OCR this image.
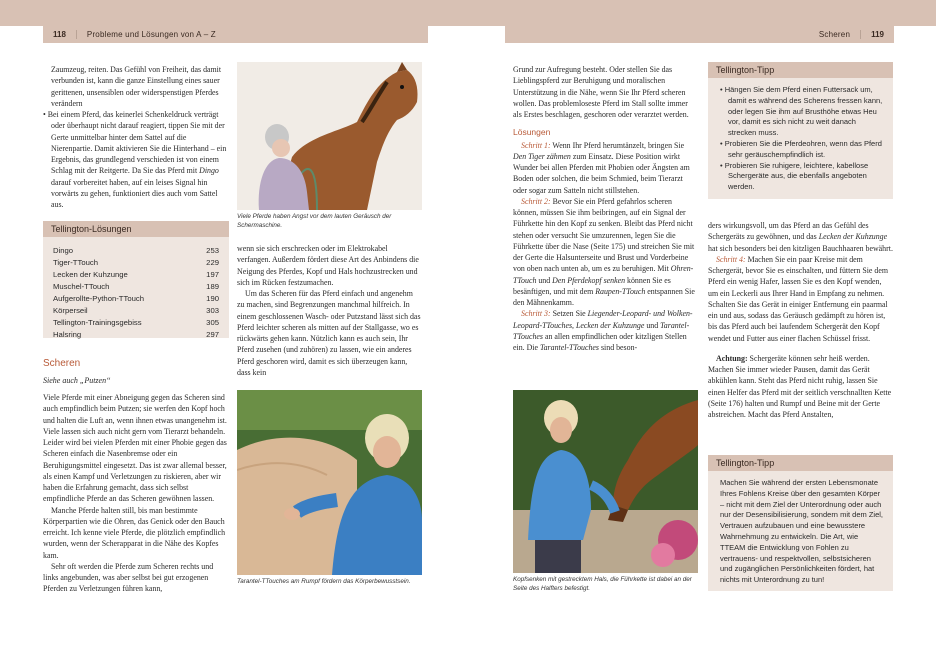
118	Probleme und Lösungen von A – Z	Scheren	119

Zaumzeug, reiten. Das Gefühl von Freiheit, das damit verbunden ist, kann die ganze Einstellung eines sauer gerittenen, unsensiblen oder widerspenstigen Pferdes verändern

• Bei einem Pferd, das keinerlei Schenkeldruck verträgt oder überhaupt nicht darauf reagiert, tippen Sie mit der Gerte unmittelbar hinter dem Sattel auf die Nierenpartie. Damit aktivieren Sie die Hinterhand – ein Ergebnis, das grundlegend verschieden ist von einem Schlag mit der Reitgerte. Da Sie das Pferd mit Dingo darauf vorbereitet haben, auf ein leises Signal hin vorwärts zu gehen, funktioniert dies auch vom Sattel aus.

Tellington-Lösungen
Dingo	253
Tiger-TTouch	229
Lecken der Kuhzunge	197
Muschel-TTouch	189
Aufgerollte-Python-TTouch	190
Körperseil	303
Tellington-Trainingsgebiss	305
Halsring	297
Scheren
Siehe auch „Putzen“

Viele Pferde mit einer Abneigung gegen das Scheren sind auch empfindlich beim Putzen; sie werfen den Kopf hoch und halten die Luft an, wenn ihnen etwas unangenehm ist. Viele lassen sich auch nicht gern vom Tierarzt behandeln. Leider wird bei vielen Pferden mit einer Phobie gegen das Scheren einfach die Nasenbremse oder ein Beruhigungsmittel eingesetzt. Das ist zwar allemal besser, als einen Kampf und Verletzungen zu riskieren, aber wir haben die Erfahrung gemacht, dass sich selbst empfindliche Pferde an das Scheren gewöhnen lassen.

Manche Pferde halten still, bis man bestimmte Körperpartien wie die Ohren, das Genick oder den Bauch erreicht. Ich kenne viele Pferde, die plötzlich empfindlich wurden, wenn der Scherapparat in die Nähe des Kopfes kam.

Sehr oft werden die Pferde zum Scheren rechts und links angebunden, was aber selbst bei gut erzogenen Pferden zu Verletzungen führen kann,

Viele Pferde haben Angst vor dem lauten Geräusch der Schermaschine.

wenn sie sich erschrecken oder im Elektrokabel verfangen. Außerdem fördert diese Art des Anbindens die Neigung des Pferdes, Kopf und Hals hochzustrecken und sich im Rücken festzumachen.

Um das Scheren für das Pferd einfach und angenehm zu machen, sind Begrenzungen manchmal hilfreich. In einem geschlossenen Wasch- oder Putzstand lässt sich das Pferd leichter scheren als mitten auf der Stallgasse, wo es rückwärts gehen kann. Nützlich kann es auch sein, Ihr Pferd zusehen (und zuhören) zu lassen, wie ein anderes Pferd geschoren wird, damit es sich überzeugen kann, dass kein

Tarantel-TTouches am Rumpf fördern das Körperbewusstsein.

Grund zur Aufregung besteht. Oder stellen Sie das Lieblingspferd zur Beruhigung und moralischen Unterstützung in die Nähe, wenn Sie Ihr Pferd scheren wollen. Das problemloseste Pferd im Stall sollte immer als Erstes beschlagen, geschoren oder verarztet werden.

Lösungen

Schritt 1: Wenn Ihr Pferd herumtänzelt, bringen Sie Den Tiger zähmen zum Einsatz. Diese Position wirkt Wunder bei allen Pferden mit Phobien oder Ängsten am Boden oder solchen, die beim Schmied, beim Tierarzt oder sogar zum Satteln nicht stillstehen.

Schritt 2: Bevor Sie ein Pferd gefahrlos scheren können, müssen Sie ihm beibringen, auf ein Signal der Führkette hin den Kopf zu senken. Bleibt das Pferd nicht stehen oder versucht Sie umzurennen, legen Sie die Führkette über die Nase (Seite 175) und streichen Sie mit der Gerte die Halsunterseite und Brust und Vorderbeine von oben nach unten ab, um es zu beruhigen. Mit Ohren-TTouch und Den Pferdekopf senken können Sie es besänftigen, und mit dem Raupen-TTouch entspannen Sie den Mähnenkamm.

Schritt 3: Setzen Sie Liegender-Leopard- und Wolken-Leopard-TTouches, Lecken der Kuhzunge und Tarantel-TTouches an allen empfindlichen oder kitzligen Stellen ein. Die Tarantel-TTouches sind beson-

Kopfsenken mit gestrecktem Hals, die Führkette ist dabei an der Seite des Halfters befestigt.
Tellington-Tipp
• Hängen Sie dem Pferd einen Futtersack um, damit es während des Scherens fressen kann, oder legen Sie ihm auf Brusthöhe etwas Heu vor, damit es sich nicht zu weit danach strecken muss.
• Probieren Sie die Pferdeohren, wenn das Pferd sehr geräuschempfindlich ist.
• Probieren Sie ruhigere, leichtere, kabellose Schergeräte aus, die ebenfalls angeboten werden.

ders wirkungsvoll, um das Pferd an das Gefühl des Schergeräts zu gewöhnen, und das Lecken der Kuhzunge hat sich besonders bei den kitzligen Bauchhaaren bewährt.

Schritt 4: Machen Sie ein paar Kreise mit dem Schergerät, bevor Sie es einschalten, und füttern Sie dem Pferd ein wenig Hafer, lassen Sie es den Kopf wenden, um ein Leckerli aus Ihrer Hand in Empfang zu nehmen. Schalten Sie das Gerät in einiger Entfernung ein paarmal ein und aus, sodass das Geräusch gedämpft zu hören ist, bis das Pferd auch bei laufendem Schergerät den Kopf wendet und Futter aus einer flachen Schüssel frisst.

Achtung: Schergeräte können sehr heiß werden. Machen Sie immer wieder Pausen, damit das Gerät abkühlen kann. Steht das Pferd nicht ruhig, lassen Sie einen Helfer das Pferd mit der seitlich verschnallten Kette (Seite 176) halten und Rumpf und Beine mit der Gerte abstreichen. Macht das Pferd Anstalten,

Tellington-Tipp
Machen Sie während der ersten Lebensmonate Ihres Fohlens Kreise über den gesamten Körper – nicht mit dem Ziel der Unterordnung oder auch nur der Desensibilisierung, sondern mit dem Ziel, Vertrauen aufzubauen und eine bewusstere Wahrnehmung zu entwickeln. Die Art, wie TTEAM die Entwicklung von Fohlen zu vertrauens- und respektvollen, selbstsicheren und zugänglichen Persönlichkeiten fördert, hat nichts mit Unterordnung zu tun!
